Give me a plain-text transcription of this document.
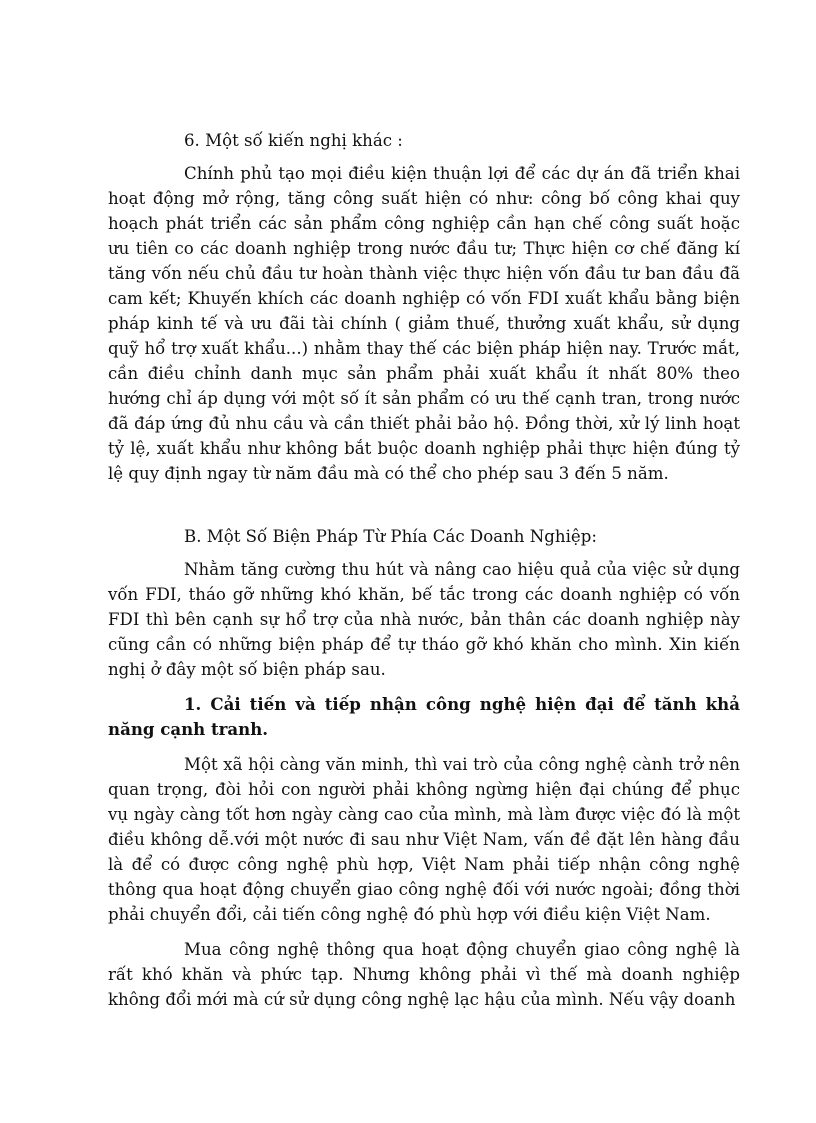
6. Một số kiến nghị khác :

Chính phủ tạo mọi điều kiện thuận lợi để các dự án đã triển khai hoạt động mở rộng, tăng công suất hiện có như: công bố công khai quy hoạch phát triển các sản phẩm công nghiệp cần hạn chế công suất hoặc ưu tiên co các doanh nghiệp trong nước đầu tư; Thực hiện cơ chế đăng kí tăng vốn nếu chủ đầu tư hoàn thành việc thực hiện vốn đầu tư ban đầu đã cam kết; Khuyến khích các doanh nghiệp có vốn FDI xuất khẩu bằng biện pháp kinh tế và ưu đãi tài chính ( giảm thuế, thưởng xuất khẩu, sử dụng quỹ hổ trợ xuất khẩu...) nhằm thay thế các biện pháp hiện nay. Trước mắt, cần điều chỉnh danh mục sản phẩm phải xuất khẩu ít nhất 80% theo hướng chỉ áp dụng với một số ít sản phẩm có ưu thế cạnh tran, trong nước đã đáp ứng đủ nhu cầu và cần thiết phải bảo hộ. Đồng thời, xử lý linh hoạt tỷ lệ, xuất khẩu như không bắt buộc doanh nghiệp phải thực hiện đúng tỷ lệ quy định ngay từ năm đầu mà có thể cho phép sau 3 đến 5 năm.

B. Một Số Biện Pháp Từ Phía Các Doanh Nghiệp:

Nhằm tăng cường thu hút và nâng cao hiệu quả của việc sử dụng vốn FDI, tháo gỡ những khó khăn, bế tắc trong các doanh nghiệp có vốn FDI thì bên cạnh sự hổ trợ của nhà nước, bản thân các doanh nghiệp này cũng cần có những biện pháp để tự tháo gỡ khó khăn cho mình. Xin kiến nghị ở đây một số biện pháp sau.

1. Cải tiến và tiếp nhận công nghệ hiện đại để tănh khả năng cạnh tranh.

Một xã hội càng văn minh, thì vai trò của công nghệ cành trở nên quan trọng, đòi hỏi con người phải không ngừng hiện đại chúng để phục vụ ngày càng tốt hơn ngày càng cao của mình, mà làm được việc đó là một điều không dễ.với một nước đi sau như Việt Nam, vấn đề đặt lên hàng đầu là để có được công nghệ phù hợp, Việt Nam phải tiếp nhận công nghệ thông qua hoạt động chuyển giao công nghệ đối với nước ngoài; đồng thời phải chuyển đổi, cải tiến công nghệ đó phù hợp với điều kiện Việt Nam.

Mua công nghệ thông qua hoạt động chuyển giao công nghệ là rất khó khăn và phức tạp. Nhưng không phải vì thế mà doanh nghiệp không đổi mới mà cứ sử dụng công nghệ lạc hậu của mình. Nếu vậy doanh
